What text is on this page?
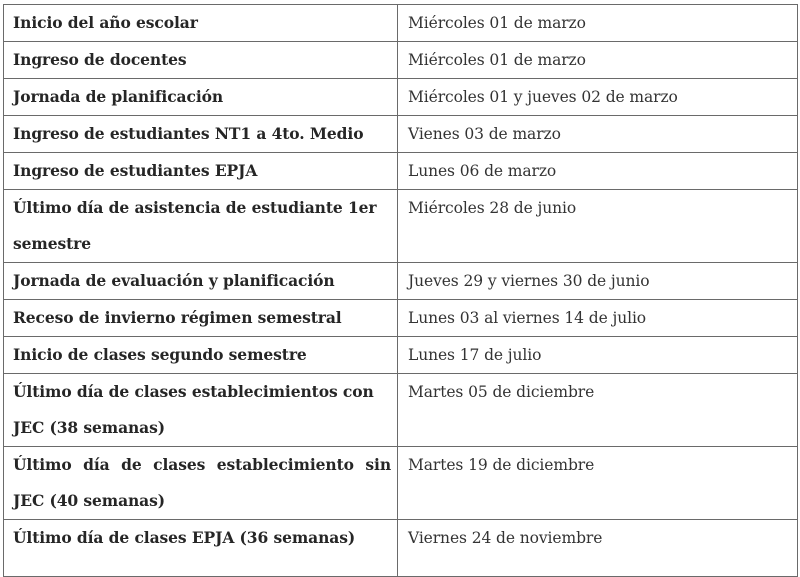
Inicio del año escolar	Miércoles 01 de marzo
Ingreso de docentes	Miércoles 01 de marzo
Jornada de planificación	Miércoles 01 y jueves 02 de marzo
Ingreso de estudiantes NT1 a 4to. Medio	Vienes 03 de marzo
Ingreso de estudiantes EPJA	Lunes 06 de marzo
Último día de asistencia de estudiante 1er semestre	Miércoles 28 de junio
Jornada de evaluación y planificación	Jueves 29 y viernes 30 de junio
Receso de invierno régimen semestral	Lunes 03 al viernes 14 de julio
Inicio de clases segundo semestre	Lunes 17 de julio
Último día de clases establecimientos con JEC (38 semanas)	Martes 05 de diciembre
Último día de clases establecimiento sin JEC (40 semanas)	Martes 19 de diciembre
Último día de clases EPJA (36 semanas)	Viernes 24 de noviembre
